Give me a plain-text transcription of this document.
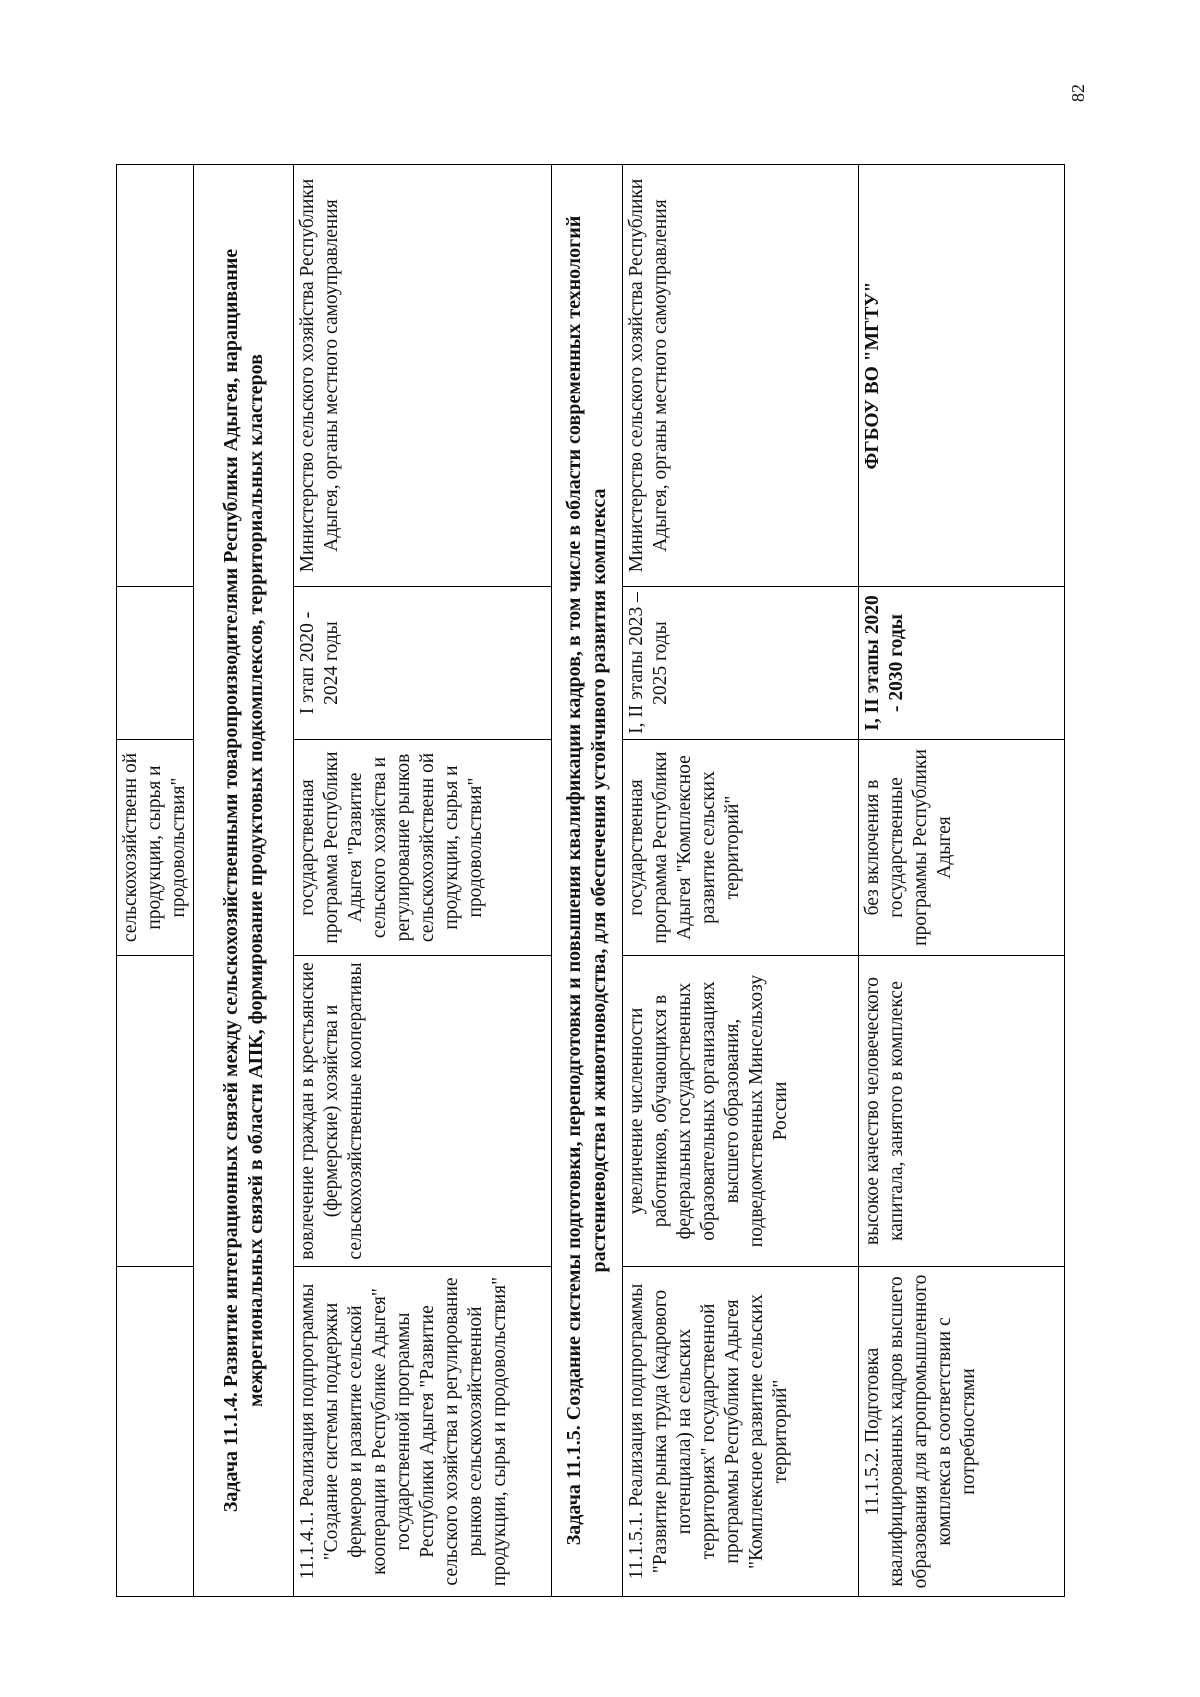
82
		сельскохозяйственн ой продукции, сырья и продовольствия"		
Задача 11.1.4. Развитие интеграционных связей между сельскохозяйственными товаропроизводителями Республики Адыгея, наращивание межрегиональных связей в области АПК, формирование продуктовых подкомплексов, территориальных кластеров				
11.1.4.1. Реализация подпрограммы "Создание системы поддержки фермеров и развитие сельской кооперации в Республике Адыгея" государственной программы Республики Адыгея "Развитие сельского хозяйства и регулирование рынков сельскохозяйственной продукции, сырья и продовольствия"	вовлечение граждан в крестьянские (фермерские) хозяйства и сельскохозяйственные кооперативы	государственная программа Республики Адыгея "Развитие сельского хозяйства и регулирование рынков сельскохозяйственн ой продукции, сырья и продовольствия"	I этап 2020 - 2024 годы	Министерство сельского хозяйства Республики Адыгея, органы местного самоуправления
Задача 11.1.5. Создание системы подготовки, переподготовки и повышения квалификации кадров, в том числе в области современных технологий растениеводства и животноводства, для обеспечения устойчивого развития комплекса				
11.1.5.1. Реализация подпрограммы "Развитие рынка труда (кадрового потенциала) на сельских территориях" государственной программы Республики Адыгея "Комплексное развитие сельских территорий"	увеличение численности работников, обучающихся в федеральных государственных образовательных организациях высшего образования, подведомственных Минсельхозу России	государственная программа Республики Адыгея "Комплексное развитие сельских территорий"	I, II этапы 2023 – 2025 годы	Министерство сельского хозяйства Республики Адыгея, органы местного самоуправления
11.1.5.2. Подготовка квалифицированных кадров высшего образования для агропромышленного комплекса в соответствии с потребностями	высокое качество человеческого капитала, занятого в комплексе	без включения в государственные программы Республики Адыгея	I, II этапы 2020 - 2030 годы	ФГБОУ ВО "МГТУ"
